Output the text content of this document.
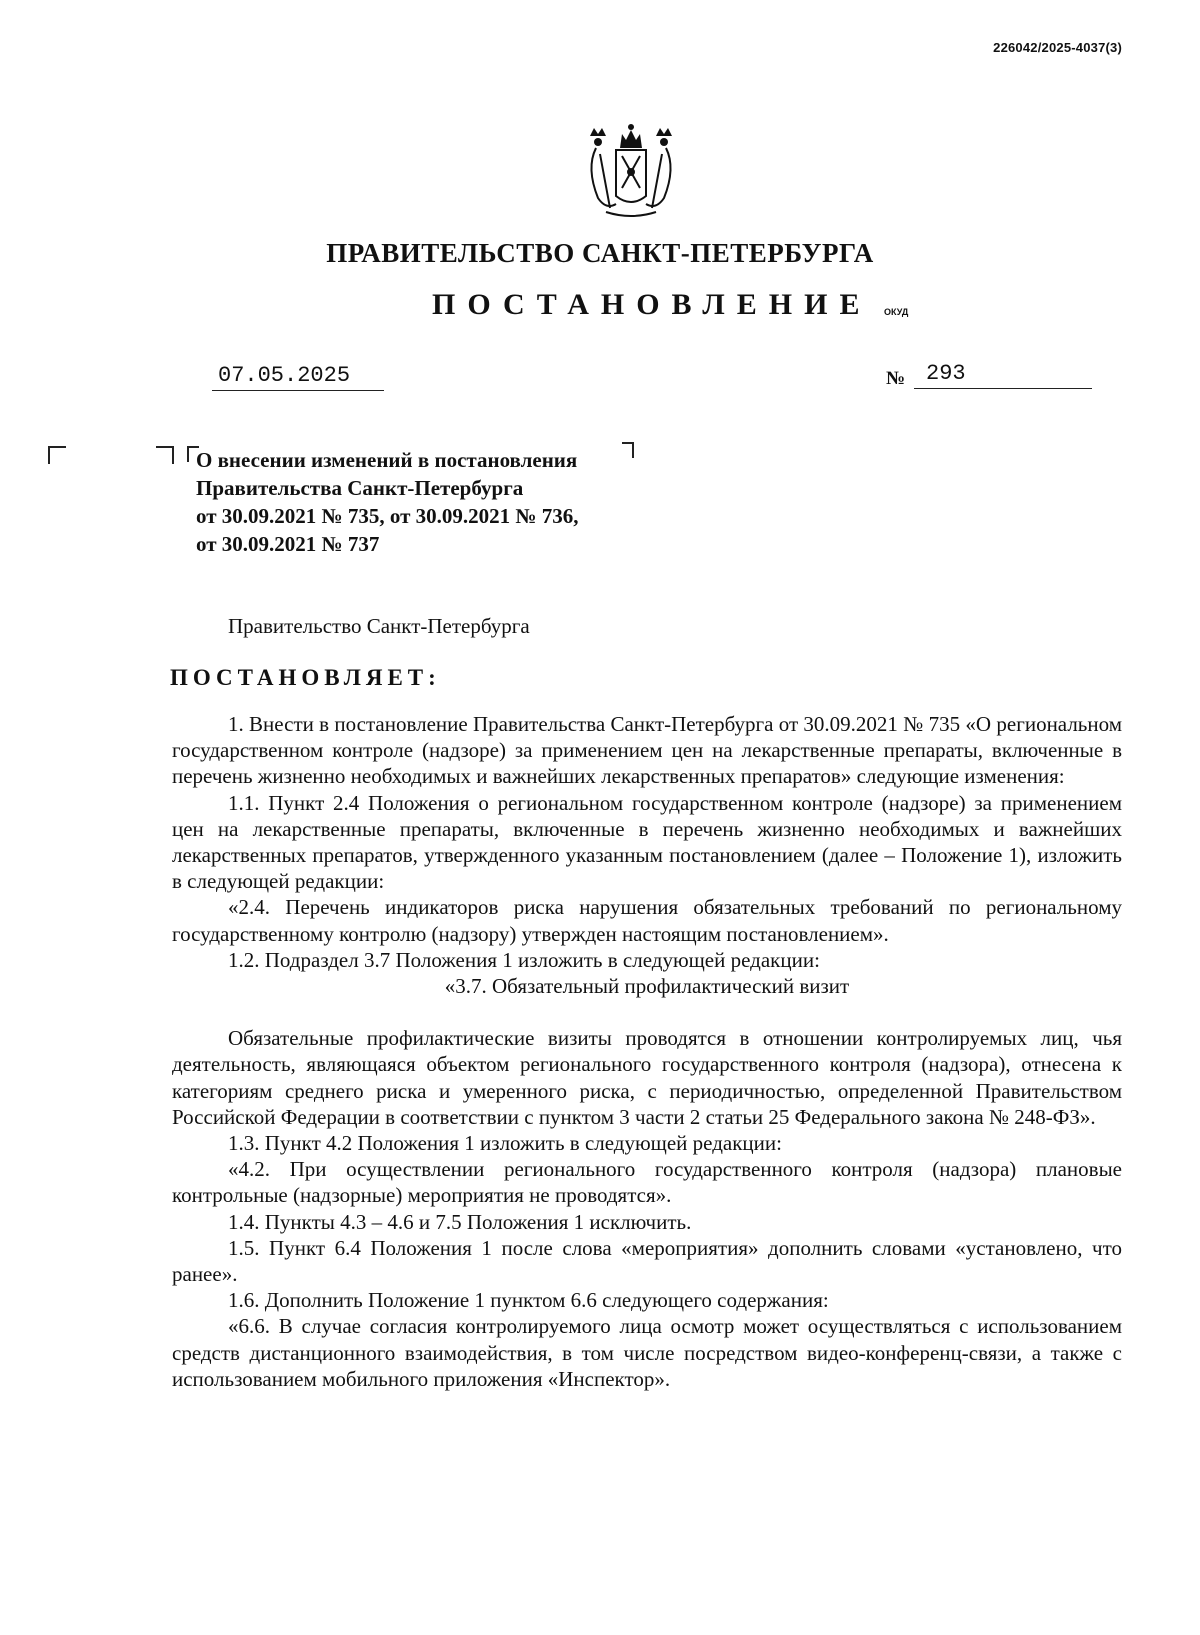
226042/2025-4037(3)
ПРАВИТЕЛЬСТВО САНКТ-ПЕТЕРБУРГА
ПОСТАНОВЛЕНИЕ ОКУД
07.05.2025	№ 293
О внесении изменений в постановления
Правительства Санкт-Петербурга
от 30.09.2021 № 735, от 30.09.2021 № 736,
от 30.09.2021 № 737
Правительство Санкт-Петербурга
ПОСТАНОВЛЯЕТ:

1. Внести в постановление Правительства Санкт-Петербурга от 30.09.2021 № 735 «О региональном государственном контроле (надзоре) за применением цен на лекарственные препараты, включенные в перечень жизненно необходимых и важнейших лекарственных препаратов» следующие изменения:

1.1. Пункт 2.4 Положения о региональном государственном контроле (надзоре) за применением цен на лекарственные препараты, включенные в перечень жизненно необходимых и важнейших лекарственных препаратов, утвержденного указанным постановлением (далее – Положение 1), изложить в следующей редакции:

«2.4. Перечень индикаторов риска нарушения обязательных требований по региональному государственному контролю (надзору) утвержден настоящим постановлением».

1.2. Подраздел 3.7 Положения 1 изложить в следующей редакции:

«3.7. Обязательный профилактический визит

Обязательные профилактические визиты проводятся в отношении контролируемых лиц, чья деятельность, являющаяся объектом регионального государственного контроля (надзора), отнесена к категориям среднего риска и умеренного риска, с периодичностью, определенной Правительством Российской Федерации в соответствии с пунктом 3 части 2 статьи 25 Федерального закона № 248-ФЗ».

1.3. Пункт 4.2 Положения 1 изложить в следующей редакции:

«4.2. При осуществлении регионального государственного контроля (надзора) плановые контрольные (надзорные) мероприятия не проводятся».

1.4. Пункты 4.3 – 4.6 и 7.5 Положения 1 исключить.

1.5. Пункт 6.4 Положения 1 после слова «мероприятия» дополнить словами «установлено, что ранее».

1.6. Дополнить Положение 1 пунктом 6.6 следующего содержания:

«6.6. В случае согласия контролируемого лица осмотр может осуществляться с использованием средств дистанционного взаимодействия, в том числе посредством видео-конференц-связи, а также с использованием мобильного приложения «Инспектор».
